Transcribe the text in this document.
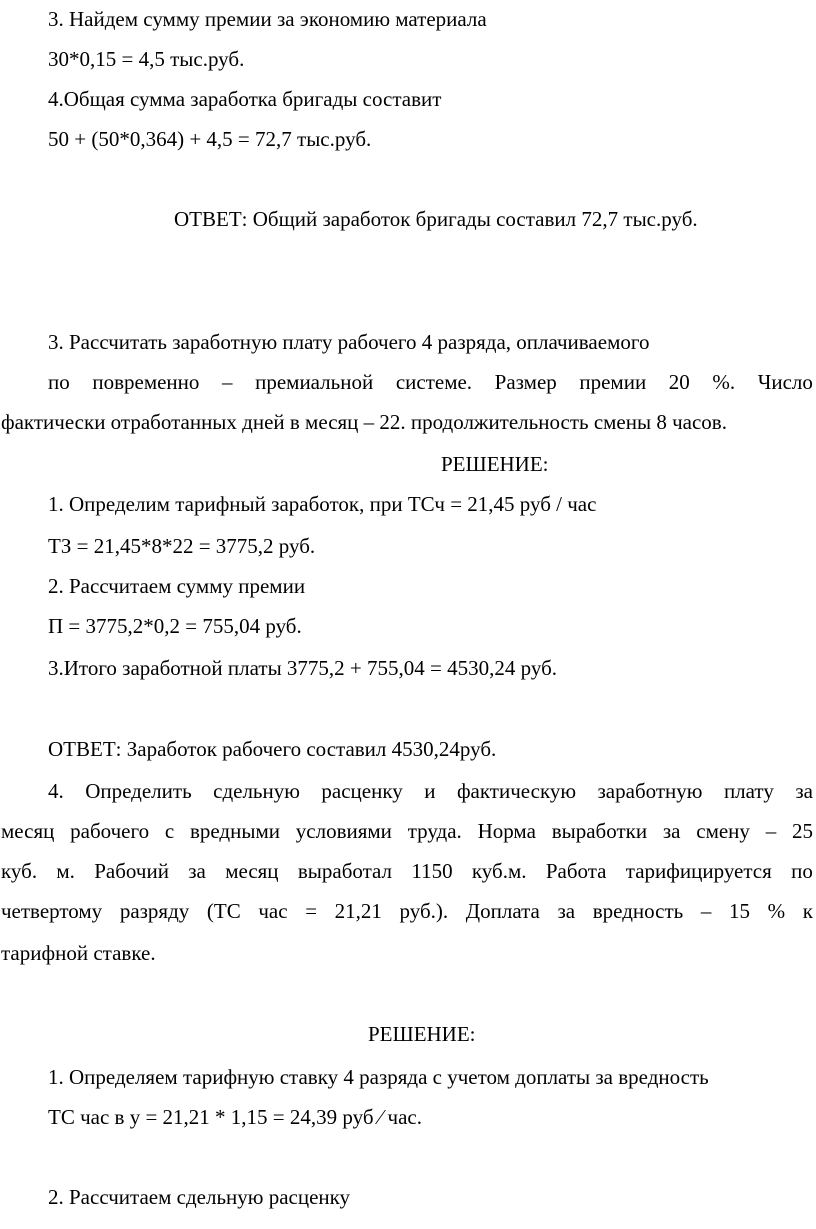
3. Найдем сумму премии за экономию материала
30*0,15 = 4,5 тыс.руб.
4.Общая сумма заработка бригады составит
50 + (50*0,364) + 4,5 = 72,7 тыс.руб.
ОТВЕТ: Общий заработок бригады составил 72,7 тыс.руб.
3. Рассчитать заработную плату рабочего 4 разряда, оплачиваемого
по повременно – премиальной системе. Размер премии 20 %. Число
фактически отработанных дней в месяц – 22. продолжительность смены 8 часов.
РЕШЕНИЕ:
1. Определим тарифный заработок, при ТСч = 21,45 руб / час
ТЗ = 21,45*8*22 = 3775,2 руб.
2. Рассчитаем сумму премии
П = 3775,2*0,2 = 755,04 руб.
3.Итого заработной платы 3775,2 + 755,04 = 4530,24 руб.
ОТВЕТ: Заработок рабочего составил 4530,24руб.
4. Определить сдельную расценку и фактическую заработную плату за
месяц рабочего с вредными условиями труда. Норма выработки за смену – 25
куб. м. Рабочий за месяц выработал 1150 куб.м. Работа тарифицируется по
четвертому разряду (ТС час = 21,21 руб.). Доплата за вредность – 15 % к
тарифной ставке.
РЕШЕНИЕ:
1. Определяем тарифную ставку 4 разряда с учетом доплаты за вредность
ТС час в у = 21,21 * 1,15 = 24,39 руб ⁄ час.
2. Рассчитаем сдельную расценку
